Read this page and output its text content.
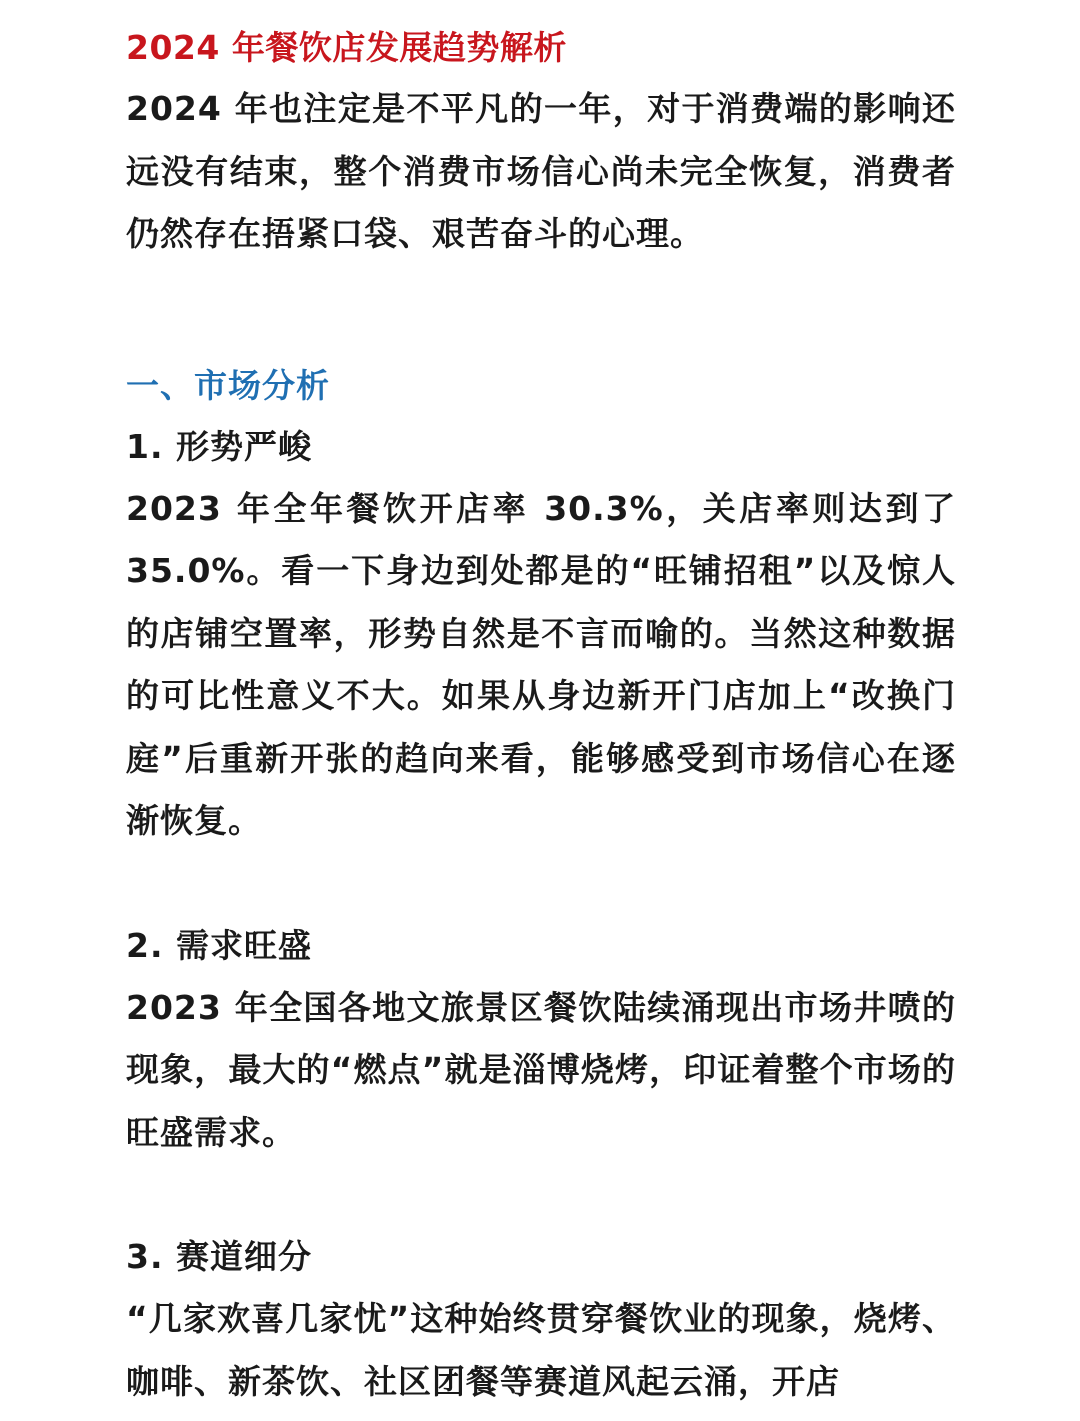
2024 年餐饮店发展趋势解析

2024 年也注定是不平凡的一年，对于消费端的影响还远没有结束，整个消费市场信心尚未完全恢复，消费者仍然存在捂紧口袋、艰苦奋斗的心理。

一、市场分析
1. 形势严峻

2023 年全年餐饮开店率 30.3%，关店率则达到了 35.0%。看一下身边到处都是的“旺铺招租”以及惊人的店铺空置率，形势自然是不言而喻的。当然这种数据的可比性意义不大。如果从身边新开门店加上“改换门庭”后重新开张的趋向来看，能够感受到市场信心在逐渐恢复。

2. 需求旺盛

2023 年全国各地文旅景区餐饮陆续涌现出市场井喷的现象，最大的“燃点”就是淄博烧烤，印证着整个市场的旺盛需求。

3. 赛道细分

“几家欢喜几家忧”这种始终贯穿餐饮业的现象，烧烤、咖啡、新茶饮、社区团餐等赛道风起云涌，开店
